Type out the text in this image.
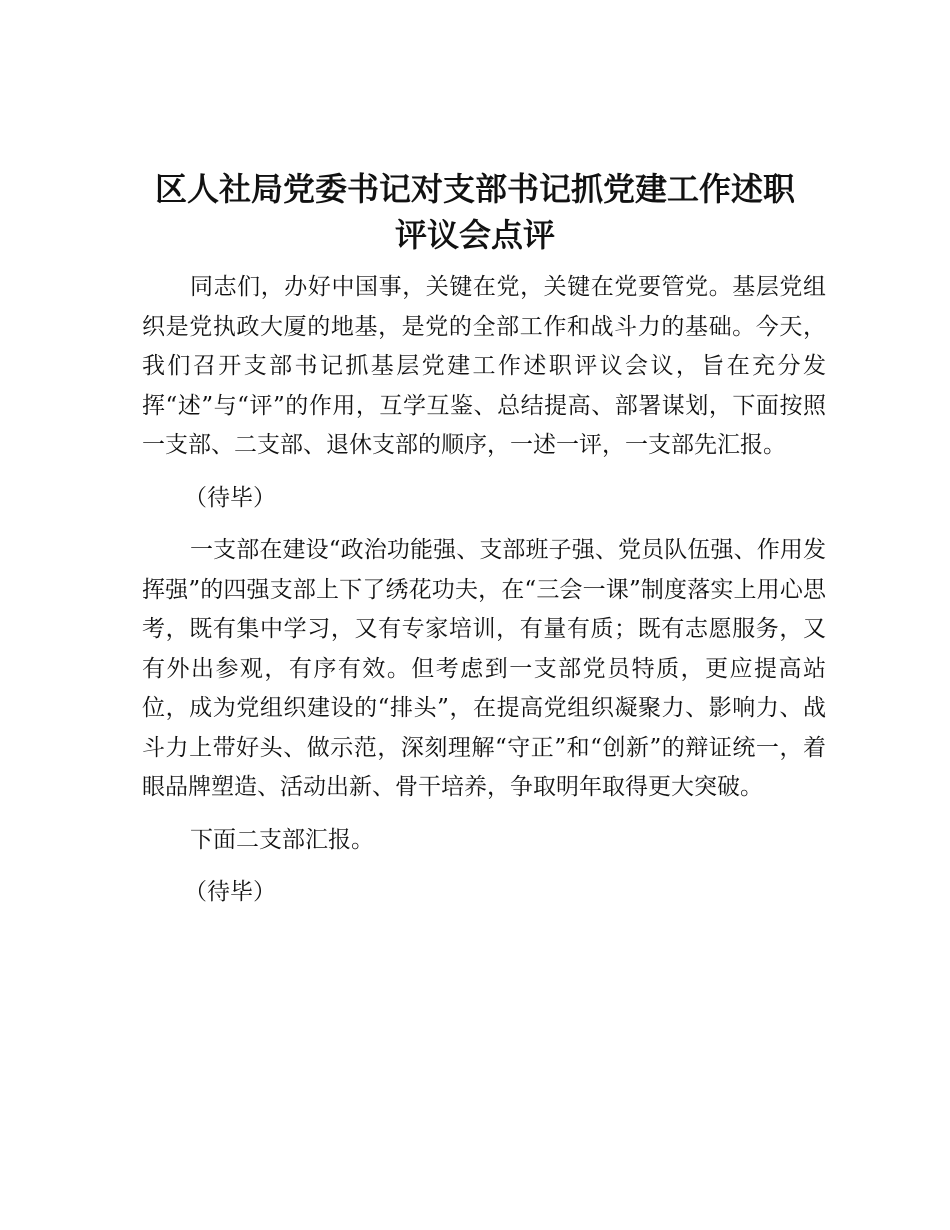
区人社局党委书记对支部书记抓党建工作述职
评议会点评

同志们，办好中国事，关键在党，关键在党要管党。基层党组织是党执政大厦的地基，是党的全部工作和战斗力的基础。今天，我们召开支部书记抓基层党建工作述职评议会议，旨在充分发挥“述”与“评”的作用，互学互鉴、总结提高、部署谋划，下面按照一支部、二支部、退休支部的顺序，一述一评，一支部先汇报。

（待毕）

一支部在建设“政治功能强、支部班子强、党员队伍强、作用发挥强”的四强支部上下了绣花功夫，在“三会一课”制度落实上用心思考，既有集中学习，又有专家培训，有量有质；既有志愿服务，又有外出参观，有序有效。但考虑到一支部党员特质，更应提高站位，成为党组织建设的“排头”，在提高党组织凝聚力、影响力、战斗力上带好头、做示范，深刻理解“守正”和“创新”的辩证统一，着眼品牌塑造、活动出新、骨干培养，争取明年取得更大突破。

下面二支部汇报。

（待毕）
